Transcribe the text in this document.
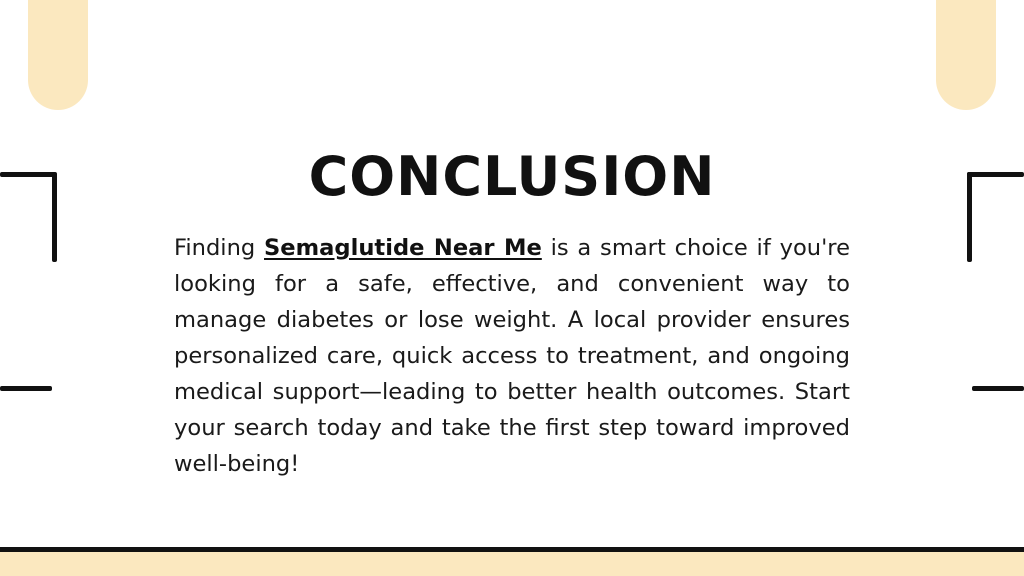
CONCLUSION

Finding Semaglutide Near Me is a smart choice if you're looking for a safe, effective, and convenient way to manage diabetes or lose weight. A local provider ensures personalized care, quick access to treatment, and ongoing medical support—leading to better health outcomes. Start your search today and take the first step toward improved well-being!
